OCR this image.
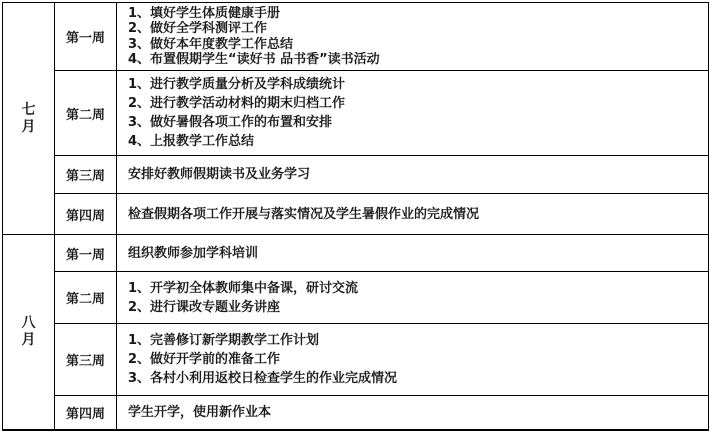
七月	第一周	1、填好学生体质健康手册
2、做好全学科测评工作
3、做好本年度教学工作总结
4、布置假期学生“读好书 品书香”读书活动

	第二周	1、进行教学质量分析及学科成绩统计
2、进行教学活动材料的期末归档工作
3、做好暑假各项工作的布置和安排
4、上报教学工作总结

	第三周	安排好教师假期读书及业务学习

	第四周	检查假期各项工作开展与落实情况及学生暑假作业的完成情况

八月	第一周	组织教师参加学科培训

	第二周	1、开学初全体教师集中备课，研讨交流
2、进行课改专题业务讲座

	第三周	1、完善修订新学期教学工作计划
2、做好开学前的准备工作
3、各村小利用返校日检查学生的作业完成情况

	第四周	学生开学，使用新作业本
